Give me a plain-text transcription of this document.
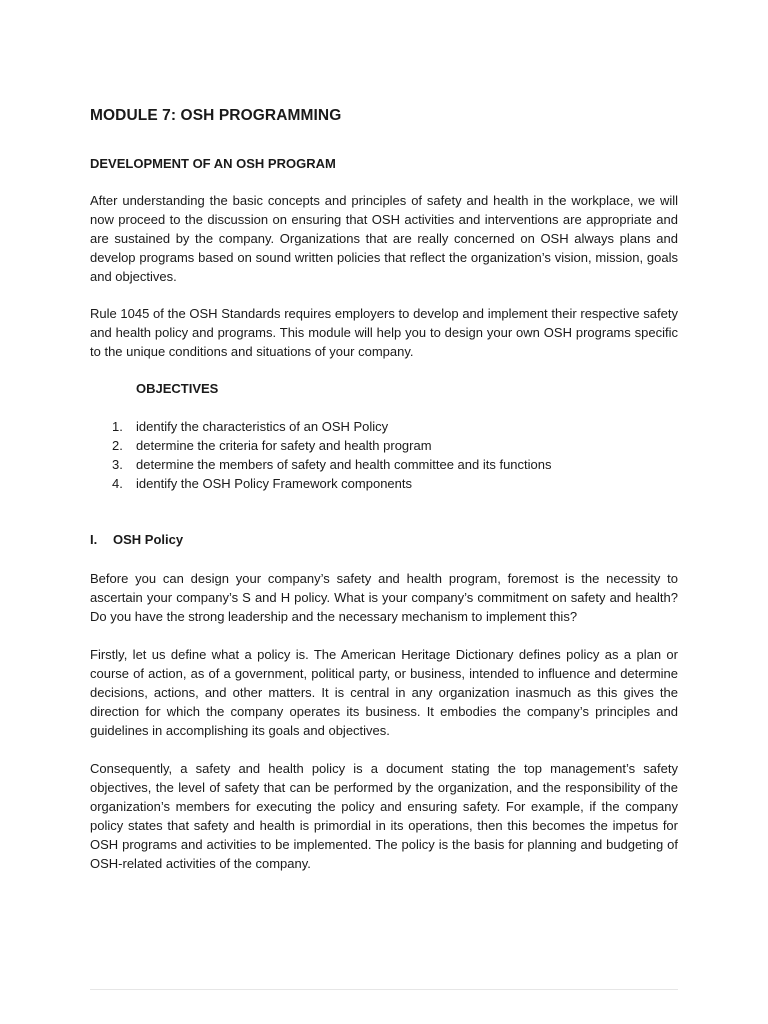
MODULE 7: OSH PROGRAMMING

DEVELOPMENT OF AN OSH PROGRAM

After understanding the basic concepts and principles of safety and health in the workplace, we will now proceed to the discussion on ensuring that OSH activities and interventions are appropriate and are sustained by the company. Organizations that are really concerned on OSH always plans and develop programs based on sound written policies that reflect the organization’s vision, mission, goals and objectives.

Rule 1045 of the OSH Standards requires employers to develop and implement their respective safety and health policy and programs. This module will help you to design your own OSH programs specific to the unique conditions and situations of your company.

OBJECTIVES
1. identify the characteristics of an OSH Policy
2. determine the criteria for safety and health program
3. determine the members of safety and health committee and its functions
4. identify the OSH Policy Framework components
I. OSH Policy

Before you can design your company’s safety and health program, foremost is the necessity to ascertain your company’s S and H policy. What is your company’s commitment on safety and health? Do you have the strong leadership and the necessary mechanism to implement this?

Firstly, let us define what a policy is. The American Heritage Dictionary defines policy as a plan or course of action, as of a government, political party, or business, intended to influence and determine decisions, actions, and other matters. It is central in any organization inasmuch as this gives the direction for which the company operates its business. It embodies the company’s principles and guidelines in accomplishing its goals and objectives.

Consequently, a safety and health policy is a document stating the top management’s safety objectives, the level of safety that can be performed by the organization, and the responsibility of the organization’s members for executing the policy and ensuring safety. For example, if the company policy states that safety and health is primordial in its operations, then this becomes the impetus for OSH programs and activities to be implemented. The policy is the basis for planning and budgeting of OSH-related activities of the company.
